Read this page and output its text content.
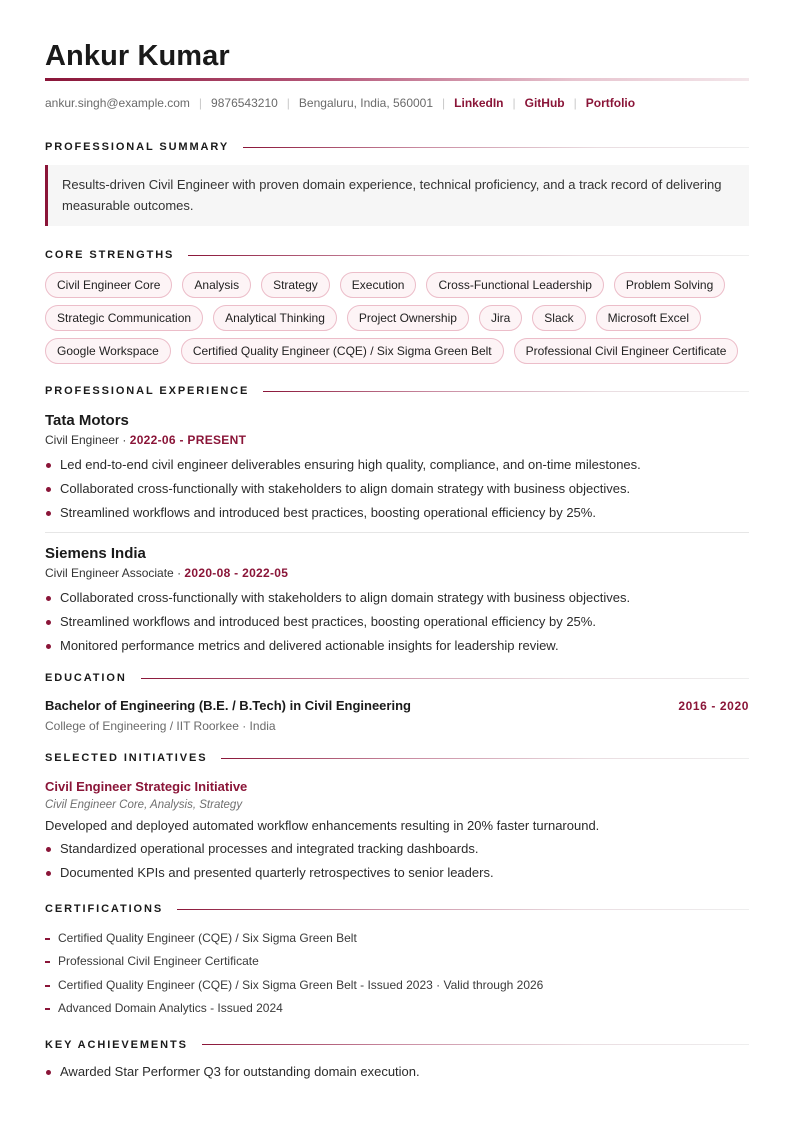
Ankur Kumar
ankur.singh@example.com | 9876543210 | Bengaluru, India, 560001 | LinkedIn | GitHub | Portfolio
PROFESSIONAL SUMMARY
Results-driven Civil Engineer with proven domain experience, technical proficiency, and a track record of delivering measurable outcomes.
CORE STRENGTHS
Civil Engineer Core	Analysis	Strategy	Execution	Cross-Functional Leadership	Problem Solving
Strategic Communication	Analytical Thinking	Project Ownership	Jira	Slack	Microsoft Excel
Google Workspace	Certified Quality Engineer (CQE) / Six Sigma Green Belt	Professional Civil Engineer Certificate
PROFESSIONAL EXPERIENCE
Tata Motors
Civil Engineer · 2022-06 - PRESENT
Led end-to-end civil engineer deliverables ensuring high quality, compliance, and on-time milestones.
Collaborated cross-functionally with stakeholders to align domain strategy with business objectives.
Streamlined workflows and introduced best practices, boosting operational efficiency by 25%.
Siemens India
Civil Engineer Associate · 2020-08 - 2022-05
Collaborated cross-functionally with stakeholders to align domain strategy with business objectives.
Streamlined workflows and introduced best practices, boosting operational efficiency by 25%.
Monitored performance metrics and delivered actionable insights for leadership review.
EDUCATION
Bachelor of Engineering (B.E. / B.Tech) in Civil Engineering	2016 - 2020
College of Engineering / IIT Roorkee · India
SELECTED INITIATIVES
Civil Engineer Strategic Initiative
Civil Engineer Core, Analysis, Strategy
Developed and deployed automated workflow enhancements resulting in 20% faster turnaround.
Standardized operational processes and integrated tracking dashboards.
Documented KPIs and presented quarterly retrospectives to senior leaders.
CERTIFICATIONS
Certified Quality Engineer (CQE) / Six Sigma Green Belt
Professional Civil Engineer Certificate
Certified Quality Engineer (CQE) / Six Sigma Green Belt - Issued 2023 · Valid through 2026
Advanced Domain Analytics - Issued 2024
KEY ACHIEVEMENTS
Awarded Star Performer Q3 for outstanding domain execution.
